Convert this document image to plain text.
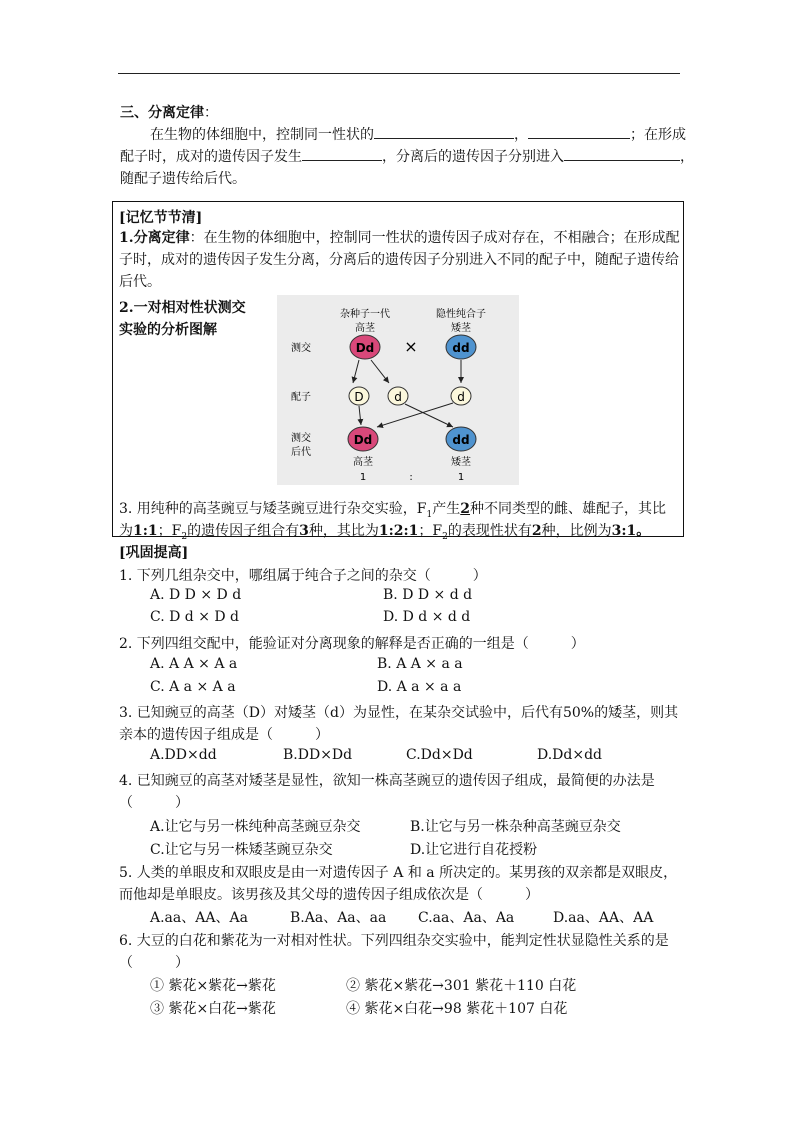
三、分离定律：
在生物的体细胞中，控制同一性状的	，	；在形成
配子时，成对的遗传因子发生	，分离后的遗传因子分别进入	，
随配子遗传给后代。
[记忆节节清]
1.分离定律：在生物的体细胞中，控制同一性状的遗传因子成对存在，不相融合；在形成配
子时，成对的遗传因子发生分离，分离后的遗传因子分别进入不同的配子中，随配子遗传给
后代。
2.一对相对性状测交
实验的分析图解
杂种子一代
高茎
隐性纯合子
矮茎
测交
配子
测交
后代
Dd ×	dd
D	d	d
Dd	dd
高茎	矮茎
1	:	1
3. 用纯种的高茎豌豆与矮茎豌豆进行杂交实验，$F_1$产生2种不同类型的雌、雄配子，其比
为1:1；$F_2$的遗传因子组合有3种，其比为1:2:1；$F_2$的表现性状有2种，比例为3:1。
[巩固提高]
1. 下列几组杂交中，哪组属于纯合子之间的杂交（　　　）
A. D D × D d	B. D D × d d
C. D d × D d	D. D d × d d
2. 下列四组交配中，能验证对分离现象的解释是否正确的一组是（　　　）
A. A A × A a	B. A A × a a
C. A a × A a	D. A a × a a
3. 已知豌豆的高茎（D）对矮茎（d）为显性，在某杂交试验中，后代有50%的矮茎，则其
亲本的遗传因子组成是（　　　）
A.DD×dd	B.DD×Dd	C.Dd×Dd	D.Dd×dd
4. 已知豌豆的高茎对矮茎是显性，欲知一株高茎豌豆的遗传因子组成，最简便的办法是
（　　　）
A.让它与另一株纯种高茎豌豆杂交	B.让它与另一株杂种高茎豌豆杂交
C.让它与另一株矮茎豌豆杂交	D.让它进行自花授粉
5. 人类的单眼皮和双眼皮是由一对遗传因子 A 和 a 所决定的。某男孩的双亲都是双眼皮，
而他却是单眼皮。该男孩及其父母的遗传因子组成依次是（　　　）
A.aa、AA、Aa	B.Aa、Aa、aa C.aa、Aa、Aa	D.aa、AA、AA
6. 大豆的白花和紫花为一对相对性状。下列四组杂交实验中，能判定性状显隐性关系的是
（　　　）
① 紫花×紫花→紫花	② 紫花×紫花→301 紫花＋110 白花
③ 紫花×白花→紫花	④ 紫花×白花→98 紫花＋107 白花
